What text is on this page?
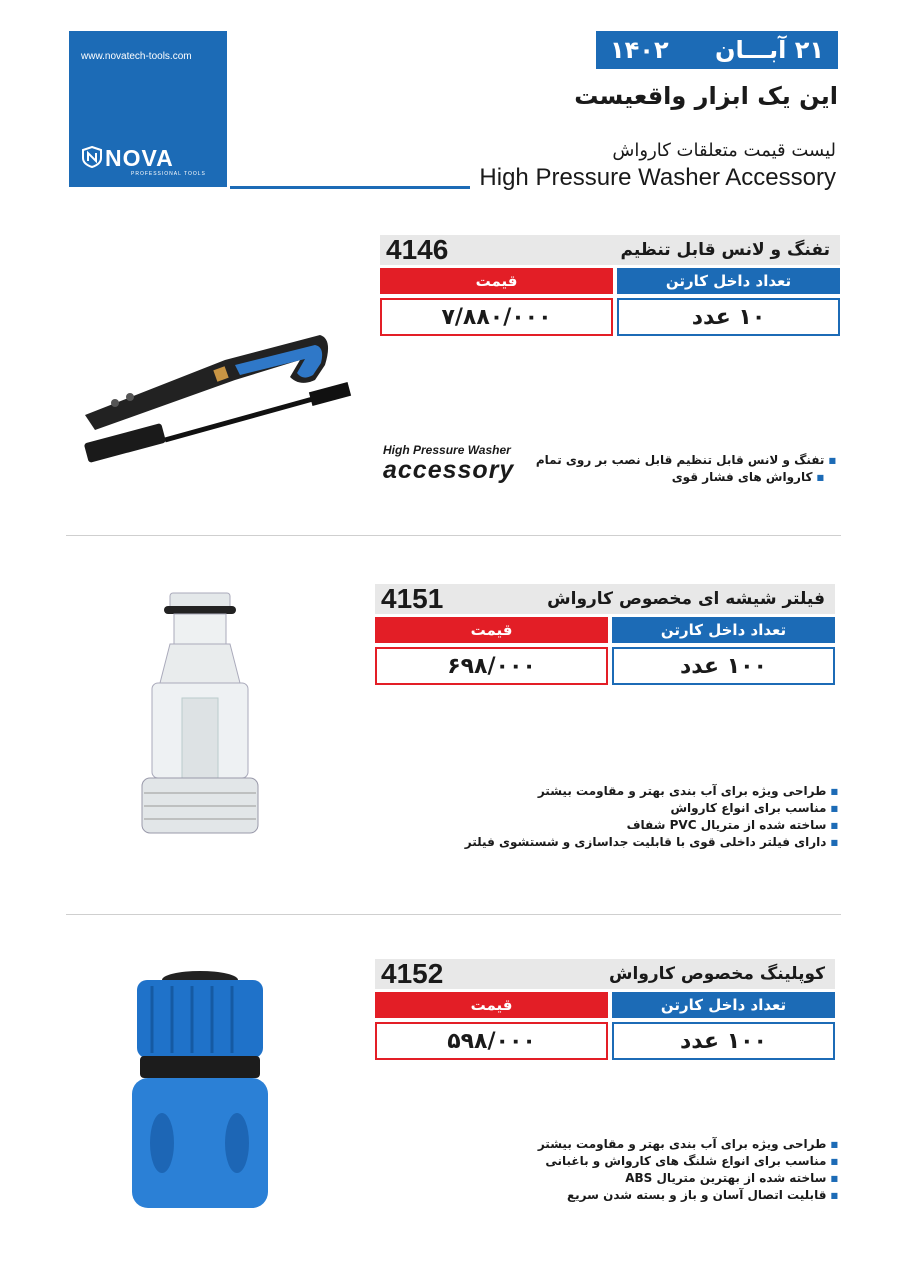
www.novatech-tools.com
NOVA
PROFESSIONAL TOOLS
۱۴۰۲ ۲۱ آبـــان
این یک ابزار واقعیست
لیست قیمت متعلقات کارواش
High Pressure Washer Accessory
4146	تفنگ و لانس قابل تنظیم
قیمت
۷/۸۸۰/۰۰۰
تعداد داخل کارتن
۱۰ عدد
High Pressure Washer
accessory
■ تفنگ و لانس قابل تنظیم قابل نصب بر روی تمام
■ کارواش های فشار قوی
4151	فیلتر شیشه ای مخصوص کارواش
قیمت
۶۹۸/۰۰۰
تعداد داخل کارتن
۱۰۰ عدد
■ طراحی ویژه برای آب بندی بهتر و مقاومت بیشتر
■ مناسب برای انواع کارواش
■ ساخته شده از متریال PVC شفاف
■ دارای فیلتر داخلی قوی با قابلیت جداسازی و شستشوی فیلتر
4152	کوپلینگ مخصوص کارواش
قیمت
۵۹۸/۰۰۰
تعداد داخل کارتن
۱۰۰ عدد
■ طراحی ویژه برای آب بندی بهتر و مقاومت بیشتر
■ مناسب برای انواع شلنگ های کارواش و باغبانی
■ ساخته شده از بهترین متریال ABS
■ قابلیت اتصال آسان و باز و بسته شدن سریع
